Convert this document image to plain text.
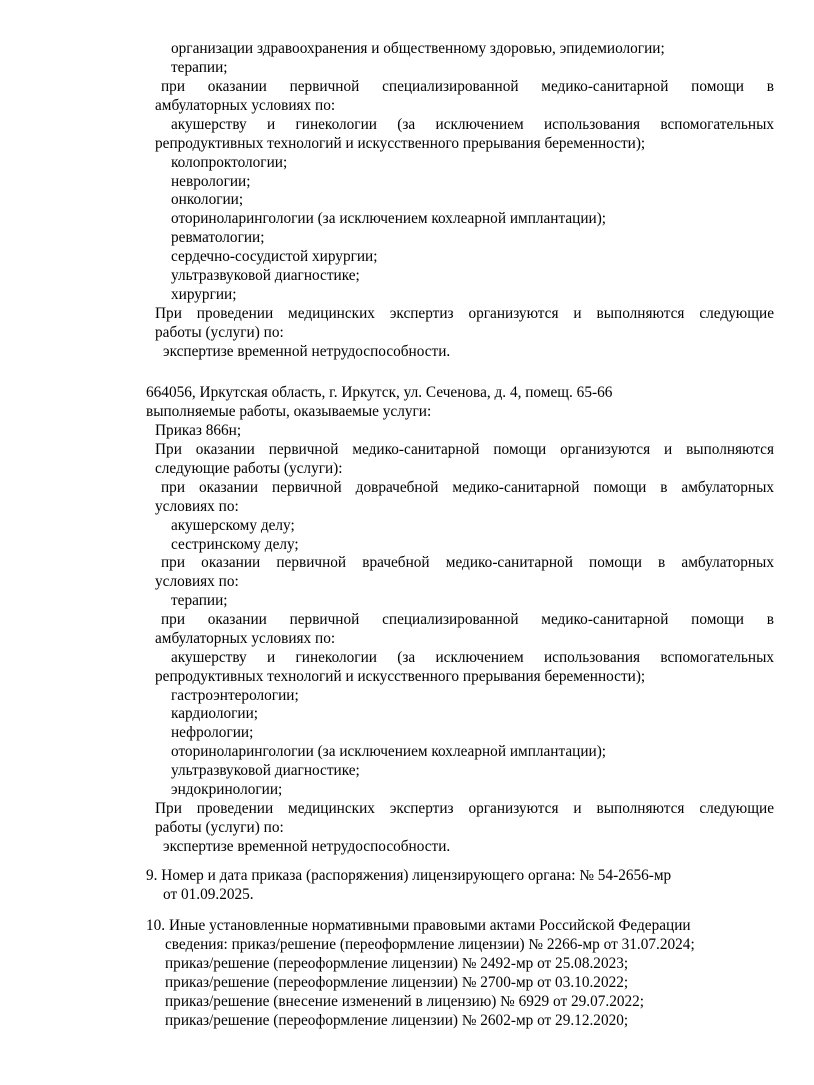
организации здравоохранения и общественному здоровью, эпидемиологии;
терапии;
при оказании первичной специализированной медико-санитарной помощи в
амбулаторных условиях по:
акушерству и гинекологии (за исключением использования вспомогательных
репродуктивных технологий и искусственного прерывания беременности);
колопроктологии;
неврологии;
онкологии;
оториноларингологии (за исключением кохлеарной имплантации);
ревматологии;
сердечно-сосудистой хирургии;
ультразвуковой диагностике;
хирургии;
При проведении медицинских экспертиз организуются и выполняются следующие
работы (услуги) по:
экспертизе временной нетрудоспособности.
664056, Иркутская область, г. Иркутск, ул. Сеченова, д. 4, помещ. 65-66
выполняемые работы, оказываемые услуги:
Приказ 866н;
При оказании первичной медико-санитарной помощи организуются и выполняются
следующие работы (услуги):
при оказании первичной доврачебной медико-санитарной помощи в амбулаторных
условиях по:
акушерскому делу;
сестринскому делу;
при оказании первичной врачебной медико-санитарной помощи в амбулаторных
условиях по:
терапии;
при оказании первичной специализированной медико-санитарной помощи в
амбулаторных условиях по:
акушерству и гинекологии (за исключением использования вспомогательных
репродуктивных технологий и искусственного прерывания беременности);
гастроэнтерологии;
кардиологии;
нефрологии;
оториноларингологии (за исключением кохлеарной имплантации);
ультразвуковой диагностике;
эндокринологии;
При проведении медицинских экспертиз организуются и выполняются следующие
работы (услуги) по:
экспертизе временной нетрудоспособности.
9. Номер и дата приказа (распоряжения) лицензирующего органа: № 54-2656-мр
от 01.09.2025.
10. Иные установленные нормативными правовыми актами Российской Федерации
сведения: приказ/решение (переоформление лицензии) № 2266-мр от 31.07.2024;
приказ/решение (переоформление лицензии) № 2492-мр от 25.08.2023;
приказ/решение (переоформление лицензии) № 2700-мр от 03.10.2022;
приказ/решение (внесение изменений в лицензию) № 6929 от 29.07.2022;
приказ/решение (переоформление лицензии) № 2602-мр от 29.12.2020;
